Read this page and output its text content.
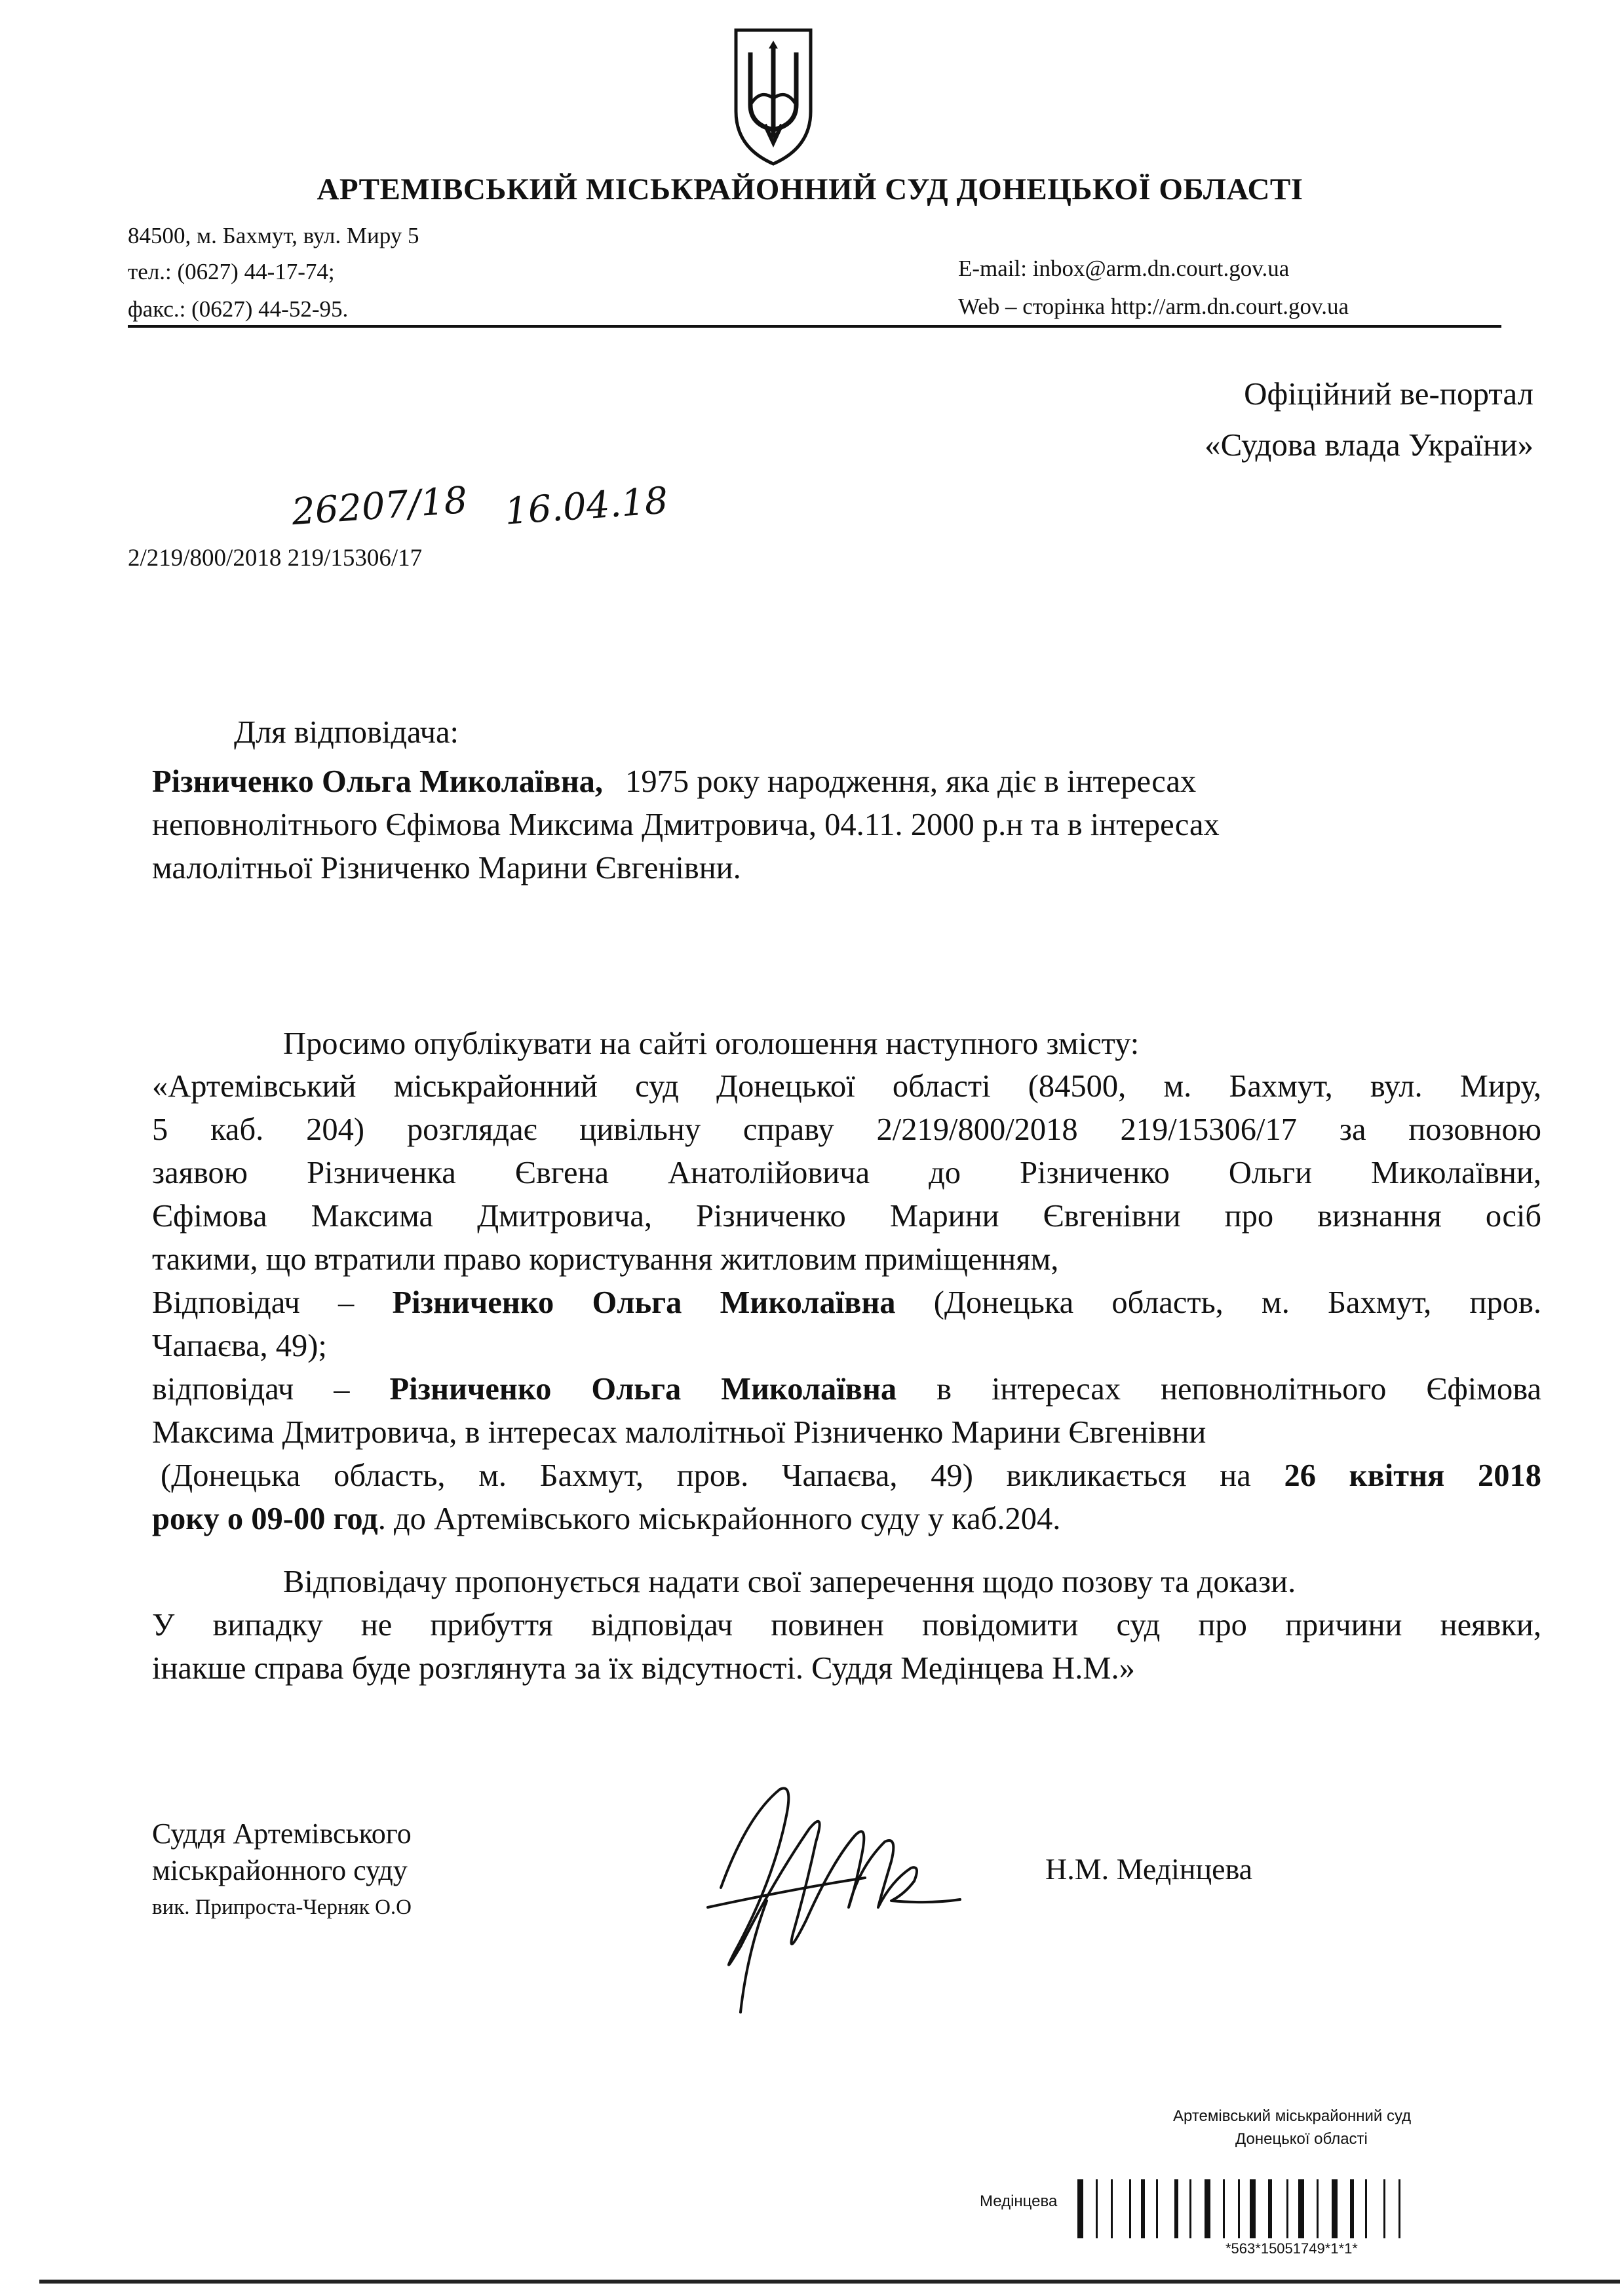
АРТЕМІВСЬКИЙ МІСЬКРАЙОННИЙ СУД ДОНЕЦЬКОЇ ОБЛАСТІ
84500, м. Бахмут, вул. Миру 5
тел.: (0627) 44-17-74;
факс.: (0627) 44-52-95.
E-mail: inbox@arm.dn.court.gov.ua
Web – сторінка http://arm.dn.court.gov.ua
Офіційний ве-портал
«Судова влада України»
26207/18 16.04.18
2/219/800/2018 219/15306/17
Для відповідача:
Різниченко Ольга Миколаївна, 1975 року народження, яка діє в інтересах
неповнолітнього Єфімова Миксима Дмитровича, 04.11. 2000 р.н та в інтересах
малолітньої Різниченко Марини Євгенівни.
Просимо опублікувати на сайті оголошення наступного змісту:
«Артемівський міськрайонний суд Донецької області (84500, м. Бахмут, вул. Миру,
5 каб. 204) розглядає цивільну справу 2/219/800/2018 219/15306/17 за позовною
заявою Різниченка Євгена Анатолійовича до Різниченко Ольги Миколаївни,
Єфімова Максима Дмитровича, Різниченко Марини Євгенівни про визнання осіб
такими, що втратили право користування житловим приміщенням,
Відповідач – Різниченко Ольга Миколаївна (Донецька область, м. Бахмут, пров.
Чапаєва, 49);
відповідач – Різниченко Ольга Миколаївна в інтересах неповнолітнього Єфімова
Максима Дмитровича, в інтересах малолітньої Різниченко Марини Євгенівни
(Донецька область, м. Бахмут, пров. Чапаєва, 49) викликається на 26 квітня 2018
року о 09-00 год. до Артемівського міськрайонного суду у каб.204.
Відповідачу пропонується надати свої заперечення щодо позову та докази.
У випадку не прибуття відповідач повинен повідомити суд про причини неявки,
інакше справа буде розглянута за їх відсутності. Суддя Медінцева Н.М.»
Суддя Артемівського
міськрайонного суду
вик. Припроста-Черняк О.О
Н.М. Медінцева
Артемівський міськрайонний суд
Донецької області
Медінцева
*563*15051749*1*1*
